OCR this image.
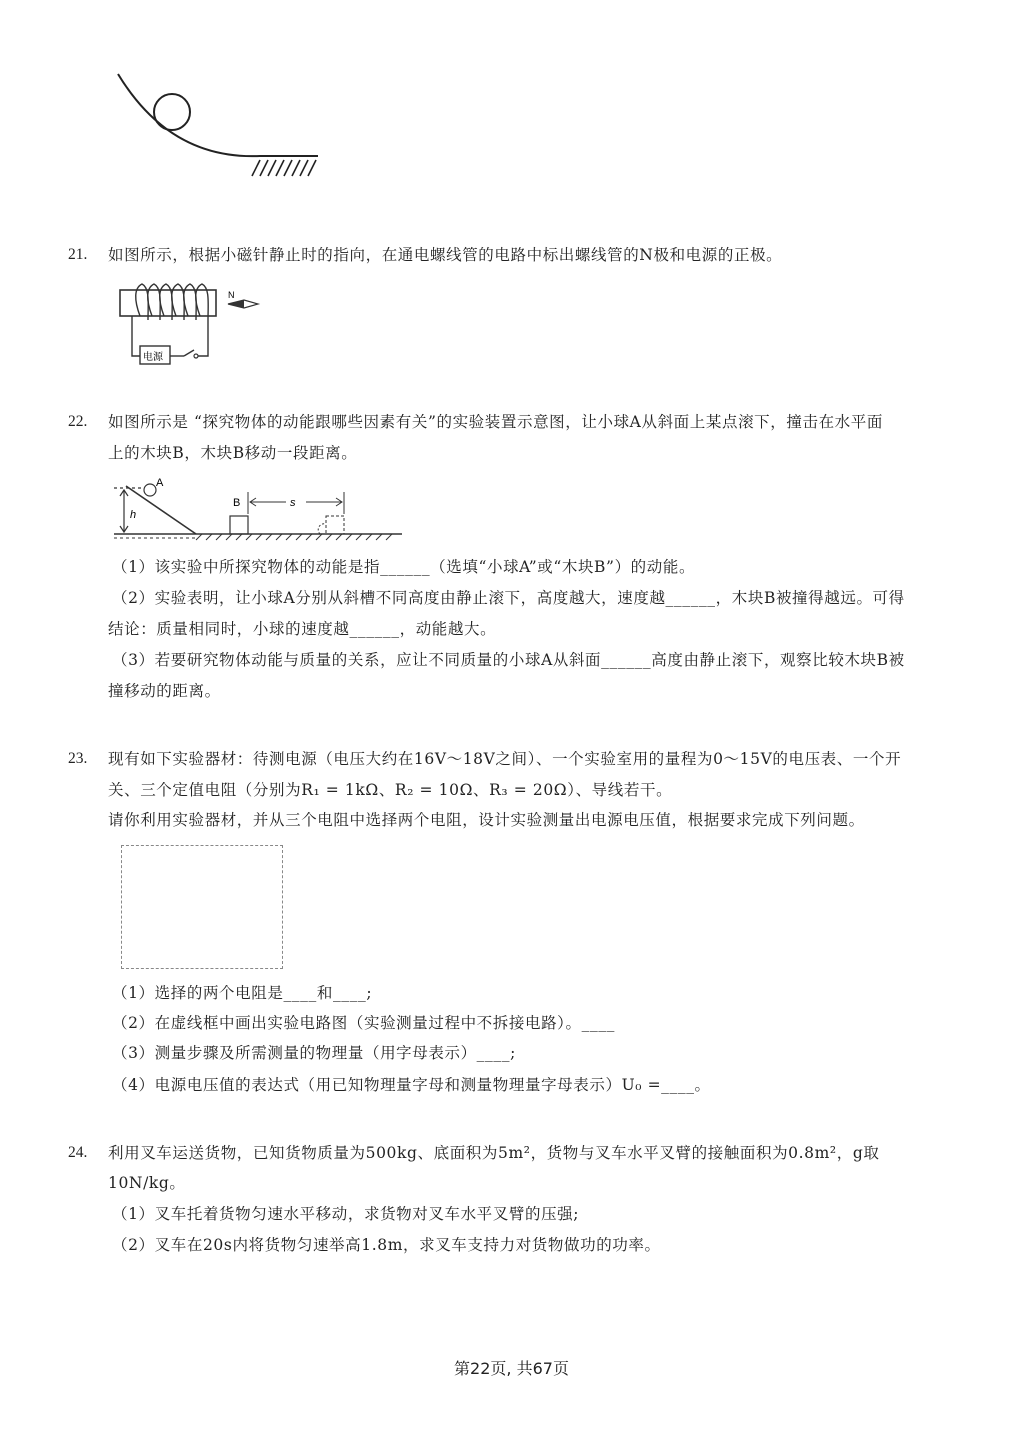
21. 如图所示，根据小磁针静止时的指向，在通电螺线管的电路中标出螺线管的N极和电源的正极。
电源
N
22. 如图所示是 “探究物体的动能跟哪些因素有关”的实验装置示意图，让小球A从斜面上某点滚下，撞击在水平面
上的木块B，木块B移动一段距离。
h
A
B	s
（1）该实验中所探究物体的动能是指______（选填“小球A”或“木块B”）的动能。
（2）实验表明，让小球A分别从斜槽不同高度由静止滚下，高度越大，速度越______，木块B被撞得越远。可得
结论：质量相同时，小球的速度越______，动能越大。
（3）若要研究物体动能与质量的关系，应让不同质量的小球A从斜面______高度由静止滚下，观察比较木块B被
撞移动的距离。
23. 现有如下实验器材：待测电源（电压大约在16V～18V之间）、一个实验室用的量程为0～15V的电压表、一个开
关、三个定值电阻（分别为R₁ = 1kΩ、R₂ = 10Ω、R₃ = 20Ω）、导线若干。
请你利用实验器材，并从三个电阻中选择两个电阻，设计实验测量出电源电压值，根据要求完成下列问题。
（1）选择的两个电阻是____和____;
（2）在虚线框中画出实验电路图（实验测量过程中不拆接电路）。____
（3）测量步骤及所需测量的物理量（用字母表示）____;
（4）电源电压值的表达式（用已知物理量字母和测量物理量字母表示）U₀ =____。
24. 利用叉车运送货物，已知货物质量为500kg、底面积为5m²，货物与叉车水平叉臂的接触面积为0.8m²，g取
10N/kg。
（1）叉车托着货物匀速水平移动，求货物对叉车水平叉臂的压强;
（2）叉车在20s内将货物匀速举高1.8m，求叉车支持力对货物做功的功率。
第22页, 共67页
